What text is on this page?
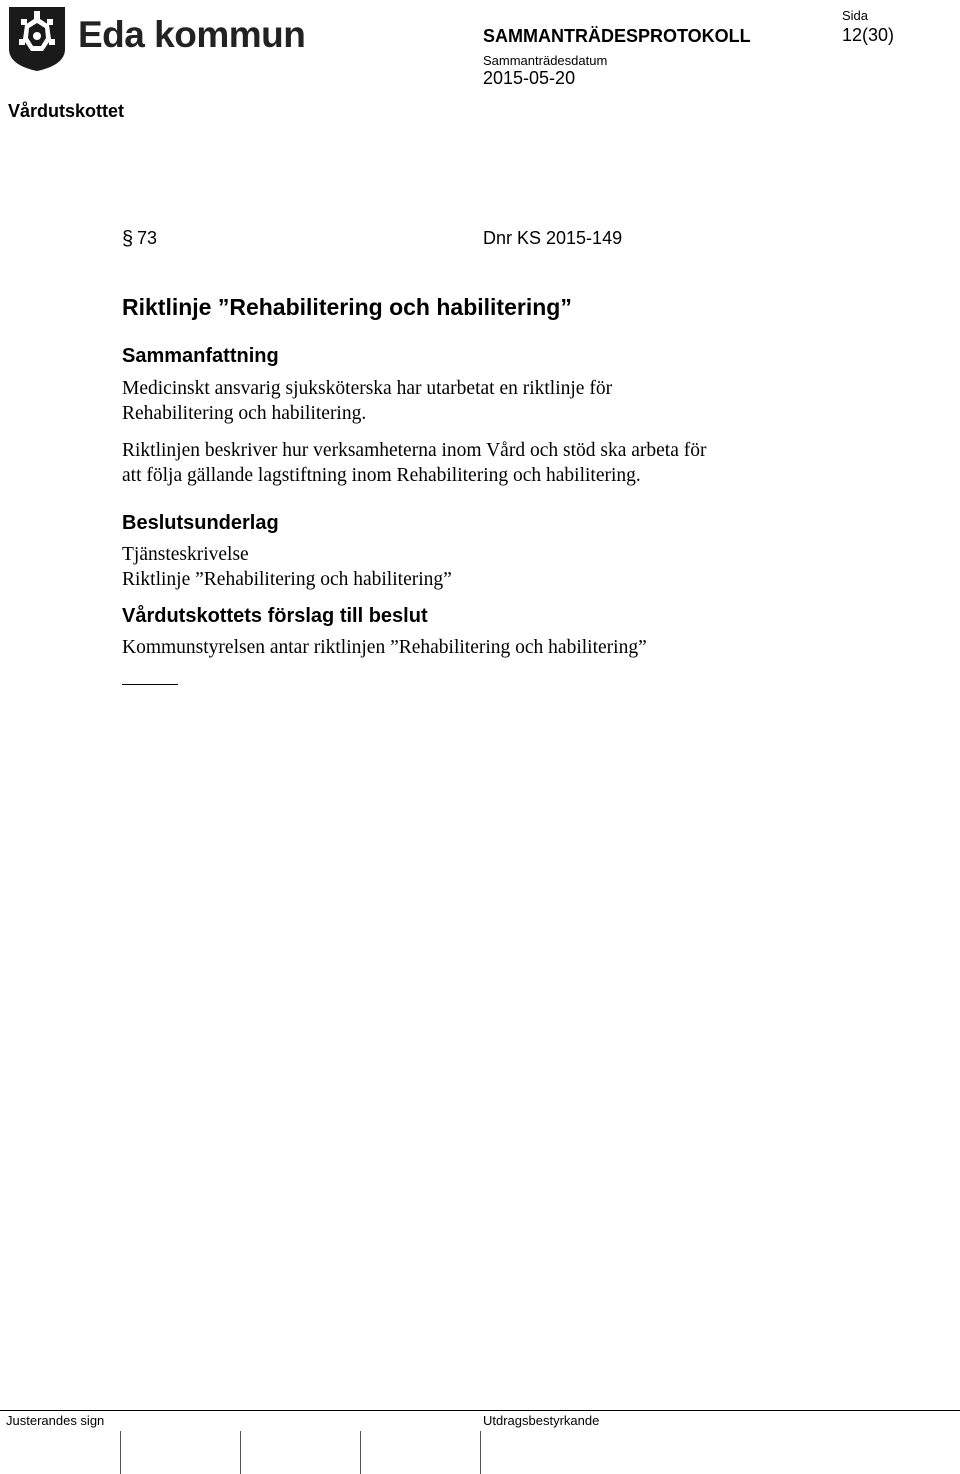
Eda kommun	SAMMANTRÄDESPROTOKOLL
Sammanträdesdatum
2015-05-20
Sida
12(30)
Vårdutskottet
§ 73	Dnr KS 2015-149
Riktlinje ”Rehabilitering och habilitering”
Sammanfattning
Medicinskt ansvarig sjuksköterska har utarbetat en riktlinje för
Rehabilitering och habilitering.
Riktlinjen beskriver hur verksamheterna inom Vård och stöd ska arbeta för
att följa gällande lagstiftning inom Rehabilitering och habilitering.
Beslutsunderlag
Tjänsteskrivelse
Riktlinje ”Rehabilitering och habilitering”
Vårdutskottets förslag till beslut
Kommunstyrelsen antar riktlinjen ”Rehabilitering och habilitering”
Justerandes sign	Utdragsbestyrkande
